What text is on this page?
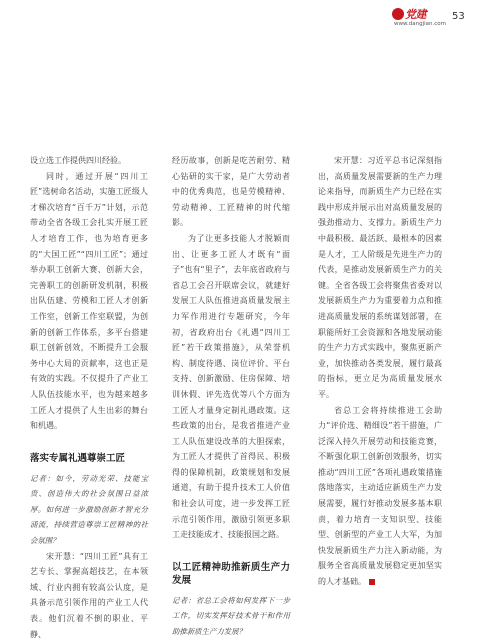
党建
www.dangjian.com
53

设立选工作提供四川经验。

同时，通过开展“四川工匠”选树命名活动，实施工匠级人才梯次培育“百千万”计划，示范带动全省各级工会扎实开展工匠人才培育工作，也为培育更多的“大国工匠”“四川工匠”；通过举办职工创新大赛、创新大会，完善职工的创新研发机制，积极出队伍建、劳模和工匠人才创新工作室，创新工作室联盟，为创新的创新工作体系，多平台搭建职工创新创效，不断提升工会服务中心大局的贡献率，这也正是有效的实践。不仅提升了产业工人队伍技能水平，也为越来越多工匠人才提供了人生出彩的舞台和机遇。

落实专属礼遇尊崇工匠

记者：如今，劳动光荣、技能宝贵、创造伟大的社会氛围日益浓厚。如何进一步激励创新才智充分涌流，持续营造尊崇工匠精神的社会氛围？

宋开慧：“四川工匠”具有工艺专长、掌握高超技艺，在本领域、行业内拥有较高公认度，是具备示范引领作用的产业工人代表。他们沉着不倒的职业、平静、

经历故事，创新是吃苦耐劳、精心钻研的实干家，是广大劳动者中的优秀典范，也是劳模精神、劳动精神、工匠精神的时代缩影。

为了让更多技能人才脱颖而出、让更多工匠人才既有“面子”也有“里子”，去年底省政府与省总工会召开联席会议，就建好发展工人队伍推进高质量发展主力军作用进行专题研究，今年初，省政府出台《礼遇“四川工匠”若干政策措施》，从荣誉机构、制度待遇、岗位评价、平台支持、创新激励、住房保障、培训休假、评先选优等八个方面为工匠人才量身定制礼遇政策。这些政策的出台，是我省推进产业工人队伍建设改革的大胆探索，为工匠人才提供了首得民、积极得的保障机制，政策规划和发展通道，有助于提升技术工人价值和社会认可度，进一步发挥工匠示范引领作用，激励引领更多职工走技能成才、技能报国之路。

以工匠精神助推新质生产力发展

记者：省总工会将如何发挥下一步工作，切实发挥好技术骨干和作用助推新质生产力发展？

宋开慧：习近平总书记深刻指出，高质量发展需要新的生产力理论来指导，而新质生产力已经在实践中形成并展示出对高质量发展的强劲推动力、支撑力。新质生产力中最积极、最活跃、最根本的因素是人才，工人阶级是先进生产力的代表，是推动发展新质生产力的关键。全省各级工会将聚焦省委对以发展新质生产力为重要着力点和推进高质量发展的系统谋划部署，在职能所好工会资源和各地发展动能的生产力方式实践中，聚焦更新产业，加快推动各类发展，履行最高的指标，更立足为高质量发展水平。

省总工会将持续推进工会助力“评价选、精细设”若干措施，广泛深入持久开展劳动和技能竞赛，不断强化职工创新创效服务，切实推动“四川工匠”各项礼遇政策措施落地落实，主动适应新质生产力发展需要，履行好推动发展多基本职责，着力培育一支知识型、技能型、创新型的产业工人大军，为加快发展新质生产力注入新动能，为服务全省高质量发展稳定更加坚实的人才基础。
